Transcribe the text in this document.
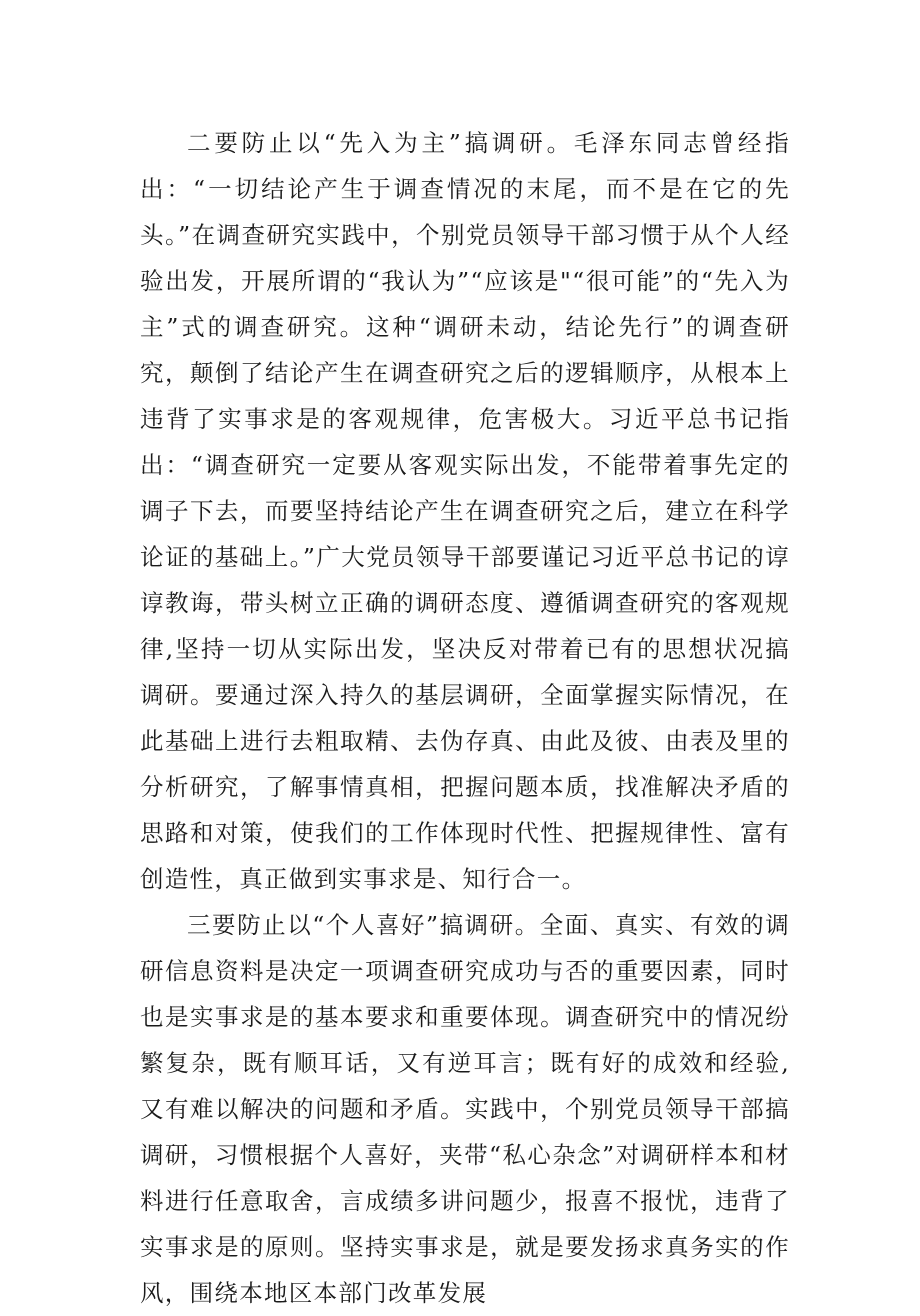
二要防止以“先入为主”搞调研。毛泽东同志曾经指出：“一切结论产生于调查情况的末尾，而不是在它的先头。”在调查研究实践中，个别党员领导干部习惯于从个人经验出发，开展所谓的“我认为”“应该是"“很可能”的“先入为主”式的调查研究。这种“调研未动，结论先行”的调查研究，颠倒了结论产生在调查研究之后的逻辑顺序，从根本上违背了实事求是的客观规律，危害极大。习近平总书记指出：“调查研究一定要从客观实际出发，不能带着事先定的调子下去，而要坚持结论产生在调查研究之后，建立在科学论证的基础上。”广大党员领导干部要谨记习近平总书记的谆谆教诲，带头树立正确的调研态度、遵循调查研究的客观规律,坚持一切从实际出发，坚决反对带着已有的思想状况搞调研。要通过深入持久的基层调研，全面掌握实际情况，在此基础上进行去粗取精、去伪存真、由此及彼、由表及里的分析研究，了解事情真相，把握问题本质，找准解决矛盾的思路和对策，使我们的工作体现时代性、把握规律性、富有创造性，真正做到实事求是、知行合一。

三要防止以“个人喜好”搞调研。全面、真实、有效的调研信息资料是决定一项调查研究成功与否的重要因素，同时也是实事求是的基本要求和重要体现。调查研究中的情况纷繁复杂，既有顺耳话，又有逆耳言；既有好的成效和经验,又有难以解决的问题和矛盾。实践中，个别党员领导干部搞调研，习惯根据个人喜好，夹带“私心杂念”对调研样本和材料进行任意取舍，言成绩多讲问题少，报喜不报忧，违背了实事求是的原则。坚持实事求是，就是要发扬求真务实的作风，围绕本地区本部门改革发展
